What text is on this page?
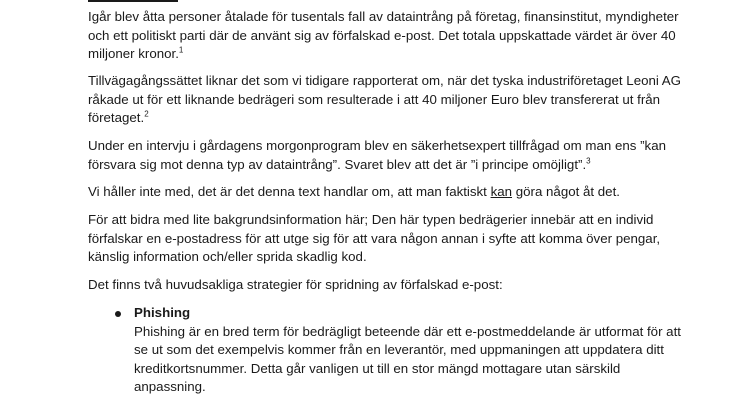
Igår blev åtta personer åtalade för tusentals fall av dataintrång på företag, finansinstitut, myndigheter och ett politiskt parti där de använt sig av förfalskad e-post. Det totala uppskattade värdet är över 40 miljoner kronor.$^1$

Tillvägagångssättet liknar det som vi tidigare rapporterat om, när det tyska industriföretaget Leoni AG råkade ut för ett liknande bedrägeri som resulterade i att 40 miljoner Euro blev transfererat ut från företaget.$^2$

Under en intervju i gårdagens morgonprogram blev en säkerhetsexpert tillfrågad om man ens ”kan försvara sig mot denna typ av dataintrång”. Svaret blev att det är ”i principe omöjligt”.$^3$

Vi håller inte med, det är det denna text handlar om, att man faktiskt kan göra något åt det.

För att bidra med lite bakgrundsinformation här; Den här typen bedrägerier innebär att en individ förfalskar en e-postadress för att utge sig för att vara någon annan i syfte att komma över pengar, känslig information och/eller sprida skadlig kod.

Det finns två huvudsakliga strategier för spridning av förfalskad e-post:

Phishing
Phishing är en bred term för bedrägligt beteende där ett e-postmeddelande är utformat för att se ut som det exempelvis kommer från en leverantör, med uppmaningen att uppdatera ditt kreditkortsnummer. Detta går vanligen ut till en stor mängd mottagare utan särskild anpassning.
